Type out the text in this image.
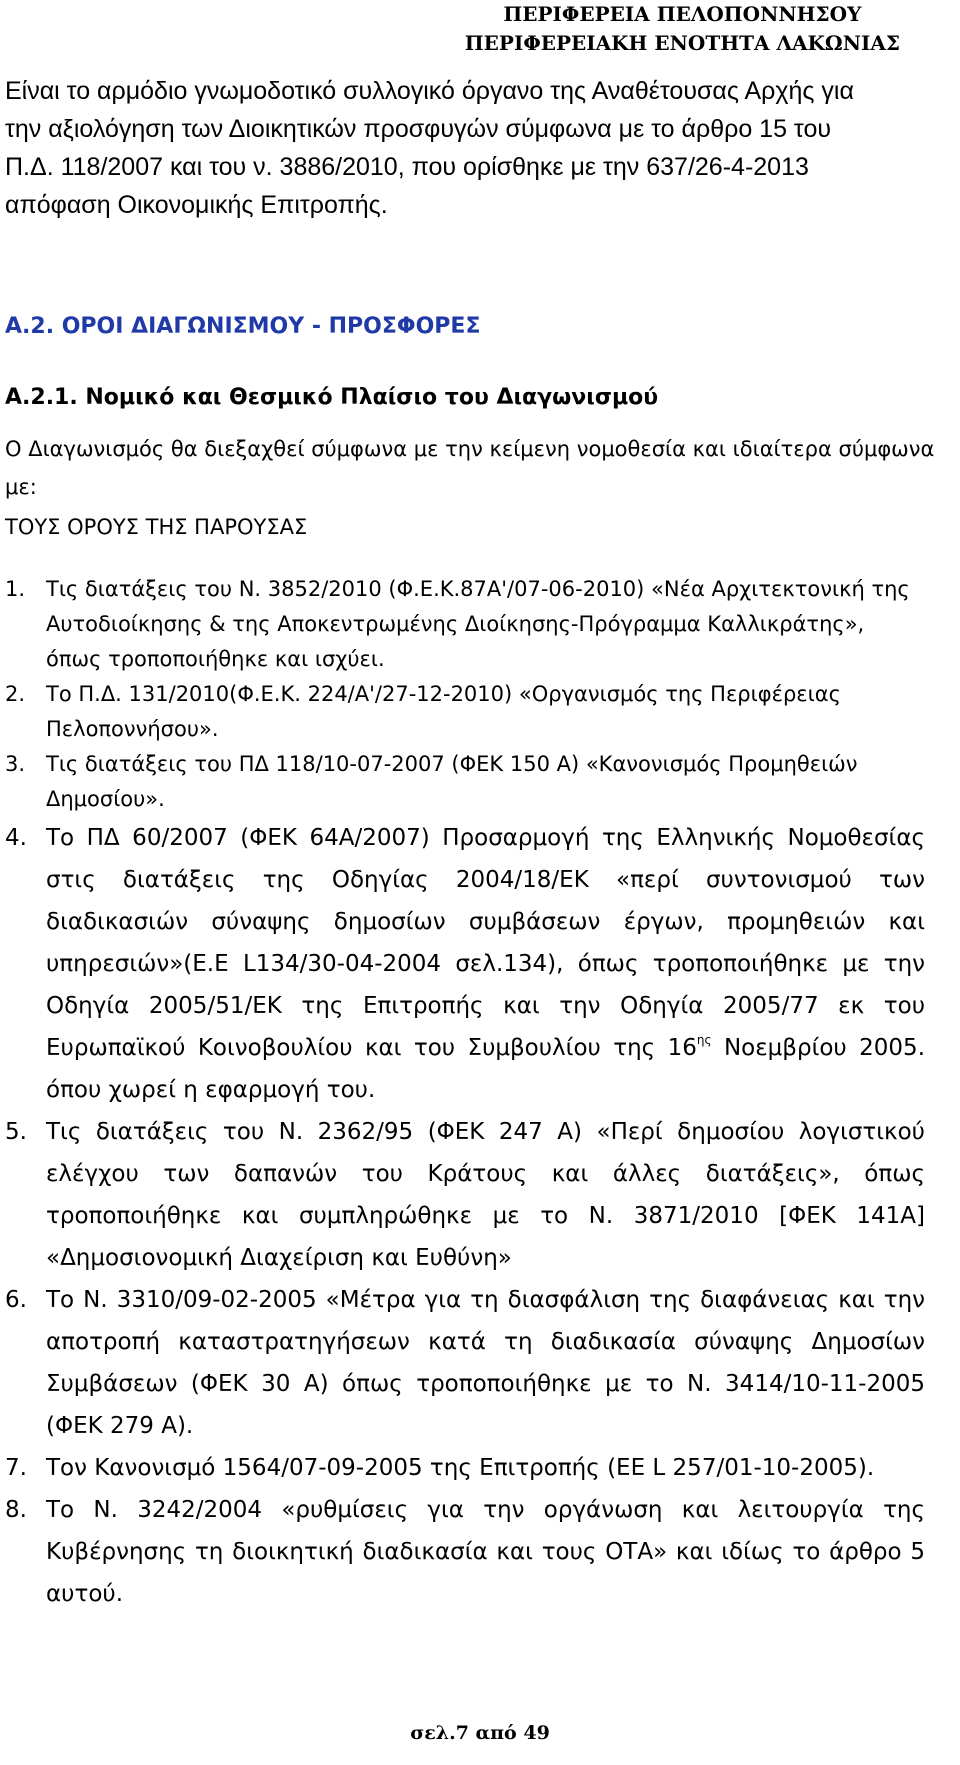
ΠΕΡΙΦΕΡΕΙΑ ΠΕΛΟΠΟΝΝΗΣΟΥ
ΠΕΡΙΦΕΡΕΙΑΚΗ ΕΝΟΤΗΤΑ ΛΑΚΩΝΙΑΣ
Είναι το αρμόδιο γνωμοδοτικό συλλογικό όργανο της Αναθέτουσας Αρχής για
την αξιολόγηση των Διοικητικών προσφυγών σύμφωνα με το άρθρο 15 του
Π.Δ. 118/2007 και του ν. 3886/2010, που ορίσθηκε με την 637/26-4-2013
απόφαση Οικονομικής Επιτροπής.
Α.2. ΟΡΟΙ ΔΙΑΓΩΝΙΣΜΟΥ - ΠΡΟΣΦΟΡΕΣ
Α.2.1. Νομικό και Θεσμικό Πλαίσιο του Διαγωνισμού
Ο Διαγωνισμός θα διεξαχθεί σύμφωνα με την κείμενη νομοθεσία και ιδιαίτερα σύμφωνα με:
ΤΟΥΣ ΟΡΟΥΣ ΤΗΣ ΠΑΡΟΥΣΑΣ
1. Τις διατάξεις του Ν. 3852/2010 (Φ.Ε.Κ.87Α'/07-06-2010) «Νέα Αρχιτεκτονική της Αυτοδιοίκησης & της Αποκεντρωμένης Διοίκησης-Πρόγραμμα Καλλικράτης», όπως τροποποιήθηκε και ισχύει.
2. Το Π.Δ. 131/2010(Φ.Ε.Κ. 224/Α'/27-12-2010) «Οργανισμός της Περιφέρειας Πελοποννήσου».
3. Τις διατάξεις του ΠΔ 118/10-07-2007 (ΦΕΚ 150 Α) «Κανονισμός Προμηθειών Δημοσίου».
4. Το ΠΔ 60/2007 (ΦΕΚ 64Α/2007) Προσαρμογή της Ελληνικής Νομοθεσίας στις διατάξεις της Οδηγίας 2004/18/ΕΚ «περί συντονισμού των διαδικασιών σύναψης δημοσίων συμβάσεων έργων, προμηθειών και υπηρεσιών»(Ε.Ε L134/30-04-2004 σελ.134), όπως τροποποιήθηκε με την Οδηγία 2005/51/ΕΚ της Επιτροπής και την Οδηγία 2005/77 εκ του Ευρωπαϊκού Κοινοβουλίου και του Συμβουλίου της $16^{\eta\varsigma}$ Νοεμβρίου 2005. όπου χωρεί η εφαρμογή του.
5. Τις διατάξεις του Ν. 2362/95 (ΦΕΚ 247 Α) «Περί δημοσίου λογιστικού ελέγχου των δαπανών του Κράτους και άλλες διατάξεις», όπως τροποποιήθηκε και συμπληρώθηκε με το Ν. 3871/2010 [ΦΕΚ 141Α] «Δημοσιονομική Διαχείριση και Ευθύνη»
6. Το Ν. 3310/09-02-2005 «Μέτρα για τη διασφάλιση της διαφάνειας και την αποτροπή καταστρατηγήσεων κατά τη διαδικασία σύναψης Δημοσίων Συμβάσεων (ΦΕΚ 30 Α) όπως τροποποιήθηκε με το Ν. 3414/10-11-2005 (ΦΕΚ 279 Α).
7. Τον Κανονισμό 1564/07-09-2005 της Επιτροπής (ΕΕ L 257/01-10-2005).
8. Το Ν. 3242/2004 «ρυθμίσεις για την οργάνωση και λειτουργία της Κυβέρνησης τη διοικητική διαδικασία και τους ΟΤΑ» και ιδίως το άρθρο 5 αυτού.
σελ.7 από 49
